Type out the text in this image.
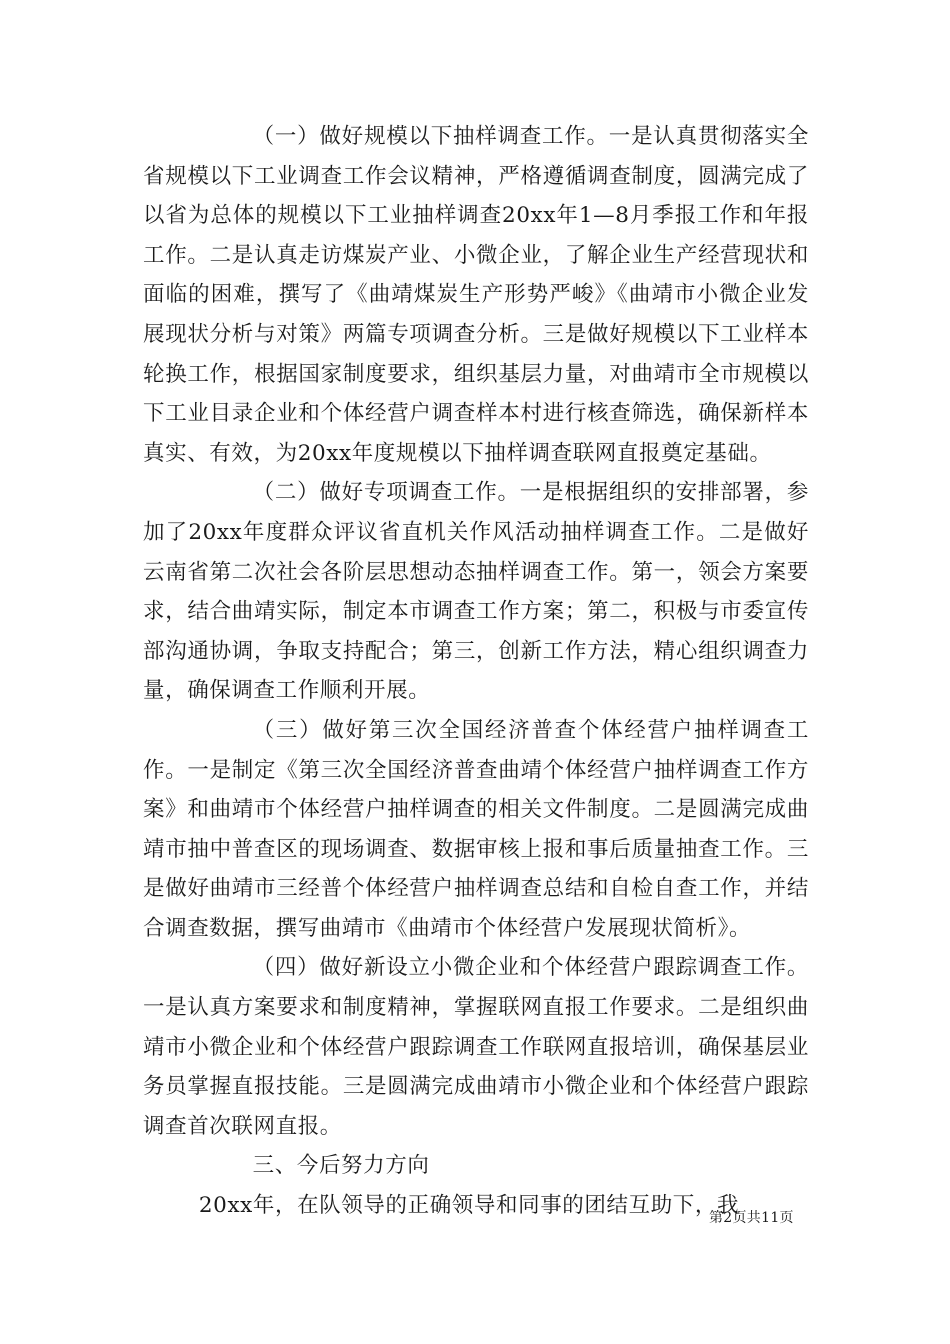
（一）做好规模以下抽样调查工作。一是认真贯彻落实全省规模以下工业调查工作会议精神，严格遵循调查制度，圆满完成了以省为总体的规模以下工业抽样调查20xx年1—8月季报工作和年报工作。二是认真走访煤炭产业、小微企业，了解企业生产经营现状和面临的困难，撰写了《曲靖煤炭生产形势严峻》《曲靖市小微企业发展现状分析与对策》两篇专项调查分析。三是做好规模以下工业样本轮换工作，根据国家制度要求，组织基层力量，对曲靖市全市规模以下工业目录企业和个体经营户调查样本村进行核查筛选，确保新样本真实、有效，为20xx年度规模以下抽样调查联网直报奠定基础。

（二）做好专项调查工作。一是根据组织的安排部署，参加了20xx年度群众评议省直机关作风活动抽样调查工作。二是做好云南省第二次社会各阶层思想动态抽样调查工作。第一，领会方案要求，结合曲靖实际，制定本市调查工作方案；第二，积极与市委宣传部沟通协调，争取支持配合；第三，创新工作方法，精心组织调查力量，确保调查工作顺利开展。

（三）做好第三次全国经济普查个体经营户抽样调查工作。一是制定《第三次全国经济普查曲靖个体经营户抽样调查工作方案》和曲靖市个体经营户抽样调查的相关文件制度。二是圆满完成曲靖市抽中普查区的现场调查、数据审核上报和事后质量抽查工作。三是做好曲靖市三经普个体经营户抽样调查总结和自检自查工作，并结合调查数据，撰写曲靖市《曲靖市个体经营户发展现状简析》。

（四）做好新设立小微企业和个体经营户跟踪调查工作。一是认真方案要求和制度精神，掌握联网直报工作要求。二是组织曲靖市小微企业和个体经营户跟踪调查工作联网直报培训，确保基层业务员掌握直报技能。三是圆满完成曲靖市小微企业和个体经营户跟踪调查首次联网直报。

三、今后努力方向

20xx年，在队领导的正确领导和同事的团结互助下，我

第2页共11页
